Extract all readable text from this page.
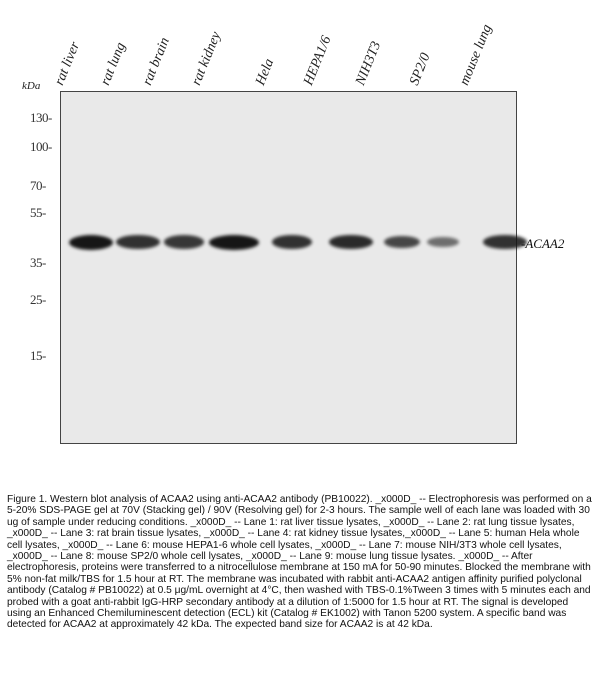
rat liver rat lung rat brain rat kidney Hela HEPA1/6 NIH3T3 SP2/0 mouse lung
kDa
130-
100-
70-
55-
35-
25-
15-
-ACAA2
Figure 1. Western blot analysis of ACAA2 using anti-ACAA2 antibody (PB10022). _x000D_ -- Electrophoresis was performed on a 5-20% SDS-PAGE gel at 70V (Stacking gel) / 90V (Resolving gel) for 2-3 hours. The sample well of each lane was loaded with 30 ug of sample under reducing conditions. _x000D_ -- Lane 1: rat liver tissue lysates, _x000D_ -- Lane 2: rat lung tissue lysates, _x000D_ -- Lane 3: rat brain tissue lysates, _x000D_ -- Lane 4: rat kidney tissue lysates,_x000D_ -- Lane 5: human Hela whole cell lysates, _x000D_ -- Lane 6: mouse HEPA1-6 whole cell lysates, _x000D_ -- Lane 7: mouse NIH/3T3 whole cell lysates, _x000D_ -- Lane 8: mouse SP2/0 whole cell lysates, _x000D_ -- Lane 9: mouse lung tissue lysates. _x000D_ -- After electrophoresis, proteins were transferred to a nitrocellulose membrane at 150 mA for 50-90 minutes. Blocked the membrane with 5% non-fat milk/TBS for 1.5 hour at RT. The membrane was incubated with rabbit anti-ACAA2 antigen affinity purified polyclonal antibody (Catalog # PB10022) at 0.5 μg/mL overnight at 4°C, then washed with TBS-0.1%Tween 3 times with 5 minutes each and probed with a goat anti-rabbit IgG-HRP secondary antibody at a dilution of 1:5000 for 1.5 hour at RT. The signal is developed using an Enhanced Chemiluminescent detection (ECL) kit (Catalog # EK1002) with Tanon 5200 system. A specific band was detected for ACAA2 at approximately 42 kDa. The expected band size for ACAA2 is at 42 kDa.
